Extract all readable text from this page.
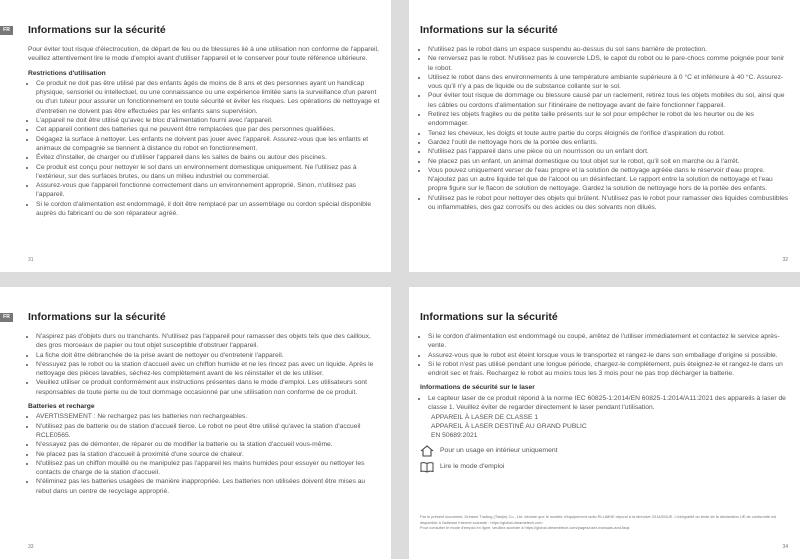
FR	Informations sur la sécurité

Pour éviter tout risque d'électrocution, de départ de feu ou de blessures lié à une utilisation non conforme de l'appareil, veuillez attentivement lire le mode d'emploi avant d'utiliser l'appareil et le conserver pour toute référence ultérieure.

Restrictions d'utilisation
• Ce produit ne doit pas être utilisé par des enfants âgés de moins de 8 ans et des personnes ayant un handicap physique, sensoriel ou intellectuel, ou une connaissance ou une expérience limitée sans la surveillance d'un parent ou d'un tuteur pour assurer un fonctionnement en toute sécurité et éviter les risques. Les opérations de nettoyage et d'entretien ne doivent pas être effectuées par les enfants sans supervision.
• L'appareil ne doit être utilisé qu'avec le bloc d'alimentation fourni avec l'appareil.
• Cet appareil contient des batteries qui ne peuvent être remplacées que par des personnes qualifiées.
• Dégagez la surface à nettoyer. Les enfants ne doivent pas jouer avec l'appareil. Assurez-vous que les enfants et animaux de compagnie se tiennent à distance du robot en fonctionnement.
• Évitez d'installer, de charger ou d'utiliser l'appareil dans les salles de bains ou autour des piscines.
• Ce produit est conçu pour nettoyer le sol dans un environnement domestique uniquement. Ne l'utilisez pas à l'extérieur, sur des surfaces brutes, ou dans un milieu industriel ou commercial.
• Assurez-vous que l'appareil fonctionne correctement dans un environnement approprié. Sinon, n'utilisez pas l'appareil.
• Si le cordon d'alimentation est endommagé, il doit être remplacé par un assemblage ou cordon spécial disponible auprès du fabricant ou de son réparateur agréé.
31
Informations sur la sécurité
• N'utilisez pas le robot dans un espace suspendu au-dessus du sol sans barrière de protection.
• Ne renversez pas le robot. N'utilisez pas le couvercle LDS, le capot du robot ou le pare-chocs comme poignée pour tenir le robot.
• Utilisez le robot dans des environnements à une température ambiante supérieure à 0 °C et inférieure à 40 °C. Assurez-vous qu'il n'y a pas de liquide ou de substance collante sur le sol.
• Pour éviter tout risque de dommage ou blessure causé par un raclement, retirez tous les objets mobiles du sol, ainsi que les câbles ou cordons d'alimentation sur l'itinéraire de nettoyage avant de faire fonctionner l'appareil.
• Retirez les objets fragiles ou de petite taille présents sur le sol pour empêcher le robot de les heurter ou de les endommager.
• Tenez les cheveux, les doigts et toute autre partie du corps éloignés de l'orifice d'aspiration du robot.
• Gardez l'outil de nettoyage hors de la portée des enfants.
• N'utilisez pas l'appareil dans une pièce où un nourrisson ou un enfant dort.
• Ne placez pas un enfant, un animal domestique ou tout objet sur le robot, qu'il soit en marche ou à l'arrêt.
• Vous pouvez uniquement verser de l'eau propre et la solution de nettoyage agréée dans le réservoir d'eau propre. N'ajoutez pas un autre liquide tel que de l'alcool ou un désinfectant. Le rapport entre la solution de nettoyage et l'eau propre figure sur le flacon de solution de nettoyage. Gardez la solution de nettoyage hors de la portée des enfants.
• N'utilisez pas le robot pour nettoyer des objets qui brûlent. N'utilisez pas le robot pour ramasser des liquides combustibles ou inflammables, des gaz corrosifs ou des acides ou des solvants non dilués.
32
FR	Informations sur la sécurité
• N'aspirez pas d'objets durs ou tranchants. N'utilisez pas l'appareil pour ramasser des objets tels que des cailloux, des gros morceaux de papier ou tout objet susceptible d'obstruer l'appareil.
• La fiche doit être débranchée de la prise avant de nettoyer ou d'entretenir l'appareil.
• N'essuyez pas le robot ou la station d'accueil avec un chiffon humide et ne les rincez pas avec un liquide. Après le nettoyage des pièces lavables, séchez-les complètement avant de les réinstaller et de les utiliser.
• Veuillez utiliser ce produit conformément aux instructions présentes dans le mode d'emploi. Les utilisateurs sont responsables de toute perte ou de tout dommage occasionné par une utilisation non conforme de ce produit.
Batteries et recharge
• AVERTISSEMENT : Ne rechargez pas les batteries non rechargeables.
• N'utilisez pas de batterie ou de station d'accueil tierce. Le robot ne peut être utilisé qu'avec la station d'accueil RCLE0565.
• N'essayez pas de démonter, de réparer ou de modifier la batterie ou la station d'accueil vous-même.
• Ne placez pas la station d'accueil à proximité d'une source de chaleur.
• N'utilisez pas un chiffon mouillé ou ne manipulez pas l'appareil les mains humides pour essuyer ou nettoyer les contacts de charge de la station d'accueil.
• N'éliminez pas les batteries usagées de manière inappropriée. Les batteries non utilisées doivent être mises au rebut dans un centre de recyclage approprié.
33
Informations sur la sécurité
• Si le cordon d'alimentation est endommagé ou coupé, arrêtez de l'utiliser immédiatement et contactez le service après-vente.
• Assurez-vous que le robot est éteint lorsque vous le transportez et rangez-le dans son emballage d'origine si possible.
• Si le robot n'est pas utilisé pendant une longue période, chargez-le complètement, puis éteignez-le et rangez-le dans un endroit sec et frais. Rechargez le robot au moins tous les 3 mois pour ne pas trop décharger la batterie.
Informations de sécurité sur le laser
• Le capteur laser de ce produit répond à la norme IEC 60825-1:2014/EN 60825-1:2014/A11:2021 des appareils à laser de classe 1. Veuillez éviter de regarder directement le laser pendant l'utilisation.
APPAREIL À LASER DE CLASSE 1
APPAREIL À LASER DESTINÉ AU GRAND PUBLIC
EN 50689:2021
Pour un usage en intérieur uniquement
Lire le mode d'emploi
Par le présent document, Dreame Trading (Tianjin) Co., Ltd. déclare que le modèle d'équipement radio RLL68HE répond à la directive 2014/53/UE. L'intégralité du texte de la déclaration UE de conformité est disponible à l'adresse Internet suivante : https://global.dreametech.com
Pour consulter le mode d'emploi en ligne, veuillez accéder à https://global.dreametech.com/pages/user-manuals-and-faqs
34
